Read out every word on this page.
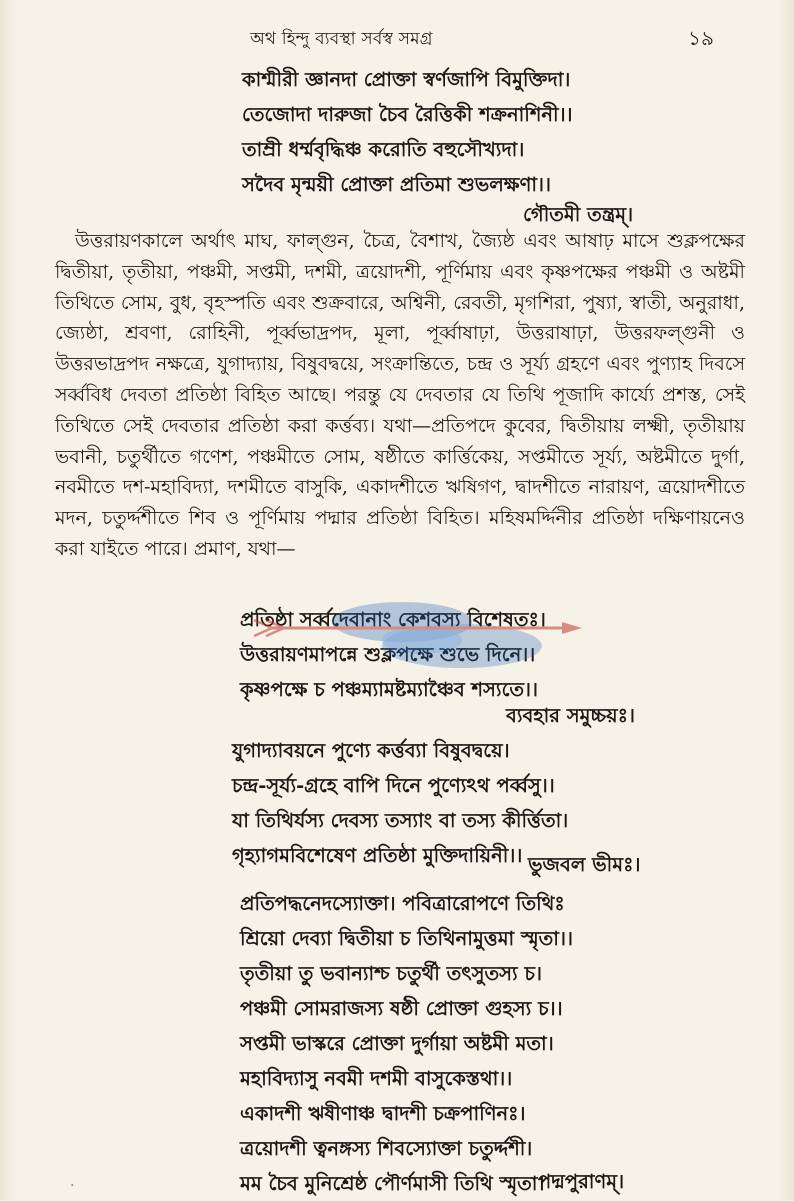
অথ হিন্দু ব্যবস্থা সর্বস্ব সমগ্র	১৯
কাশ্মীরী জ্ঞানদা প্রোক্তা স্বর্ণজাপি বিমুক্তিদা।
তেজোদা দারুজা চৈব রৈত্তিকী শক্রনাশিনী।।
তাম্রী ধর্ম্মবৃদ্ধিঞ্চ করোতি বহুসৌখ্যদা।
সদৈব মৃন্ময়ী প্রোক্তা প্রতিমা শুভলক্ষণা।।
গৌতমী তন্ত্রম্।
উত্তরায়ণকালে অর্থাৎ মাঘ, ফাল্গুন, চৈত্র, বৈশাখ, জ্যৈষ্ঠ এবং আষাঢ় মাসে শুক্লপক্ষের দ্বিতীয়া, তৃতীয়া, পঞ্চমী, সপ্তমী, দশমী, ত্রয়োদশী, পূর্ণিমায় এবং কৃষ্ণপক্ষের পঞ্চমী ও অষ্টমী তিথিতে সোম, বুধ, বৃহস্পতি এবং শুক্রবারে, অশ্বিনী, রেবতী, মৃগশিরা, পুষ্যা, স্বাতী, অনুরাধা, জ্যেষ্ঠা, শ্রবণা, রোহিনী, পূর্ব্বভাদ্রপদ, মূলা, পূর্ব্বাষাঢ়া, উত্তরাষাঢ়া, উত্তরফল্গুনী ও উত্তরভাদ্রপদ নক্ষত্রে, যুগাদ্যায়, বিষুবদ্বয়ে, সংক্রান্তিতে, চন্দ্র ও সূর্য্য গ্রহণে এবং পুণ্যাহ দিবসে সর্ব্ববিধ দেবতা প্রতিষ্ঠা বিহিত আছে। পরন্তু যে দেবতার যে তিথি পূজাদি কার্য্যে প্রশস্ত, সেই তিথিতে সেই দেবতার প্রতিষ্ঠা করা কর্ত্তব্য। যথা—প্রতিপদে কুবের, দ্বিতীয়ায় লক্ষ্মী, তৃতীয়ায় ভবানী, চতুর্থীতে গণেশ, পঞ্চমীতে সোম, ষষ্ঠীতে কার্ত্তিকেয়, সপ্তমীতে সূর্য্য, অষ্টমীতে দুর্গা, নবমীতে দশ-মহাবিদ্যা, দশমীতে বাসুকি, একাদশীতে ঋষিগণ, দ্বাদশীতে নারায়ণ, ত্রয়োদশীতে মদন, চতুর্দ্দশীতে শিব ও পূর্ণিমায় পদ্মার প্রতিষ্ঠা বিহিত। মহিষমর্দ্দিনীর প্রতিষ্ঠা দক্ষিণায়নেও করা যাইতে পারে। প্রমাণ, যথা—
প্রতিষ্ঠা সর্ব্বদেবানাং কেশবস্য বিশেষতঃ।
উত্তরায়ণমাপন্নে শুক্লপক্ষে শুভে দিনে।।
কৃষ্ণপক্ষে চ পঞ্চম্যামষ্টম্যাঞ্চৈব শস্যতে।।
ব্যবহার সমুচ্চয়ঃ।
যুগাদ্যাবয়নে পুণ্যে কর্ত্তব্যা বিষুবদ্বয়ে।
চন্দ্র-সূর্য্য-গ্রহে বাপি দিনে পুণ্যেঽথ পর্ব্বসু।।
যা তিথির্যস্য দেবস্য তস্যাং বা তস্য কীর্ত্তিতা।
গৃহ্যাগমবিশেষেণ প্রতিষ্ঠা মুক্তিদায়িনী।। ভুজবল ভীমঃ।
প্রতিপদ্ধনেদস্যোক্তা। পবিত্রারোপণে তিথিঃ
শ্রিয়ো দেব্যা দ্বিতীয়া চ তিথিনামুত্তমা স্মৃতা।।
তৃতীয়া তু ভবান্যাশ্চ চতুর্থী তৎসুতস্য চ।
পঞ্চমী সোমরাজস্য ষষ্ঠী প্রোক্তা গুহস্য চ।।
সপ্তমী ভাস্করে প্রোক্তা দুর্গায়া অষ্টমী মতা।
মহাবিদ্যাসু নবমী দশমী বাসুকেস্তথা।।
একাদশী ঋষীণাঞ্চ দ্বাদশী চক্রপাণিনঃ।
ত্রয়োদশী ত্বনঙ্গস্য শিবস্যোক্তা চতুর্দ্দশী।
মম চৈব মুনিশ্রেষ্ঠ পৌর্ণমাসী তিথি স্মৃতা।
পদ্মপুরাণম্।
·
